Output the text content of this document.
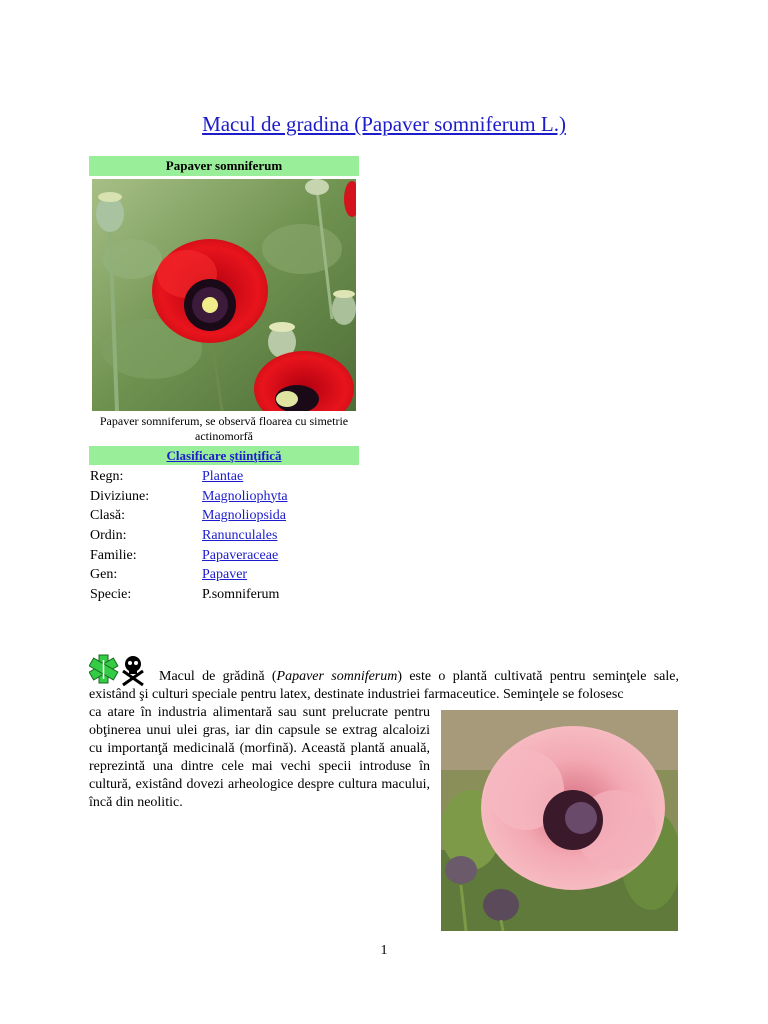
Macul de gradina (Papaver somniferum L.)
Papaver somniferum
Papaver somniferum, se observă floarea cu simetrie actinomorfă
Clasificare ştiinţifică
Regn:	Plantae
Diviziune:	Magnoliophyta
Clasă:	Magnoliopsida
Ordin:	Ranunculales
Familie:	Papaveraceae
Gen:	Papaver
Specie:	P.somniferum
Macul de grădină (Papaver somniferum) este o plantă cultivată pentru seminţele sale, existând şi culturi speciale pentru latex, destinate industriei farmaceutice. Seminţele se folosesc
ca atare în industria alimentară sau sunt prelucrate pentru obţinerea unui ulei gras, iar din capsule se extrag alcaloizi cu importanţă medicinală (morfină). Această plantă anuală, reprezintă una dintre cele mai vechi specii introduse în cultură, existând dovezi arheologice despre cultura macului, încă din neolitic.
1
